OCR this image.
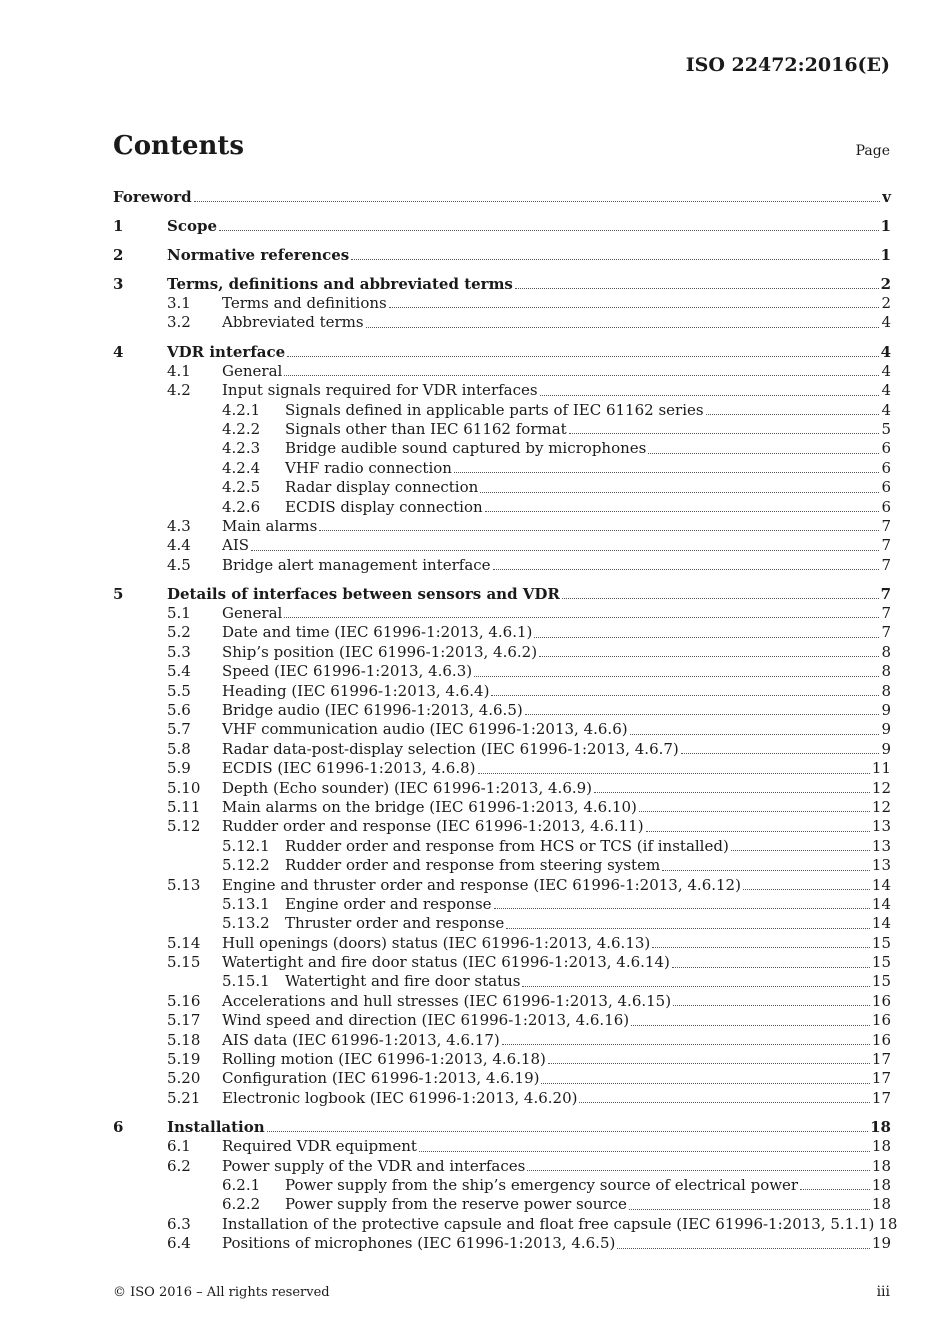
ISO 22472:2016(E)
Contents	Page
Foreword	v
1	Scope	1
2	Normative references	1
3	Terms, definitions and abbreviated terms	2
3.1	Terms and definitions	2
3.2	Abbreviated terms	4
4	VDR interface	4
4.1	General	4
4.2	Input signals required for VDR interfaces	4
4.2.1	Signals defined in applicable parts of IEC 61162 series	4
4.2.2	Signals other than IEC 61162 format	5
4.2.3	Bridge audible sound captured by microphones	6
4.2.4	VHF radio connection	6
4.2.5	Radar display connection	6
4.2.6	ECDIS display connection	6
4.3	Main alarms	7
4.4	AIS	7
4.5	Bridge alert management interface	7
5	Details of interfaces between sensors and VDR	7
5.1	General	7
5.2	Date and time (IEC 61996-1:2013, 4.6.1)	7
5.3	Ship’s position (IEC 61996-1:2013, 4.6.2)	8
5.4	Speed (IEC 61996-1:2013, 4.6.3)	8
5.5	Heading (IEC 61996-1:2013, 4.6.4)	8
5.6	Bridge audio (IEC 61996-1:2013, 4.6.5)	9
5.7	VHF communication audio (IEC 61996-1:2013, 4.6.6)	9
5.8	Radar data-post-display selection (IEC 61996-1:2013, 4.6.7)	9
5.9	ECDIS (IEC 61996-1:2013, 4.6.8)	11
5.10	Depth (Echo sounder) (IEC 61996-1:2013, 4.6.9)	12
5.11	Main alarms on the bridge (IEC 61996-1:2013, 4.6.10)	12
5.12	Rudder order and response (IEC 61996-1:2013, 4.6.11)	13
5.12.1	Rudder order and response from HCS or TCS (if installed)	13
5.12.2	Rudder order and response from steering system	13
5.13	Engine and thruster order and response (IEC 61996-1:2013, 4.6.12)	14
5.13.1	Engine order and response	14
5.13.2	Thruster order and response	14
5.14	Hull openings (doors) status (IEC 61996-1:2013, 4.6.13)	15
5.15	Watertight and fire door status (IEC 61996-1:2013, 4.6.14)	15
5.15.1	Watertight and fire door status	15
5.16	Accelerations and hull stresses (IEC 61996-1:2013, 4.6.15)	16
5.17	Wind speed and direction (IEC 61996-1:2013, 4.6.16)	16
5.18	AIS data (IEC 61996-1:2013, 4.6.17)	16
5.19	Rolling motion (IEC 61996-1:2013, 4.6.18)	17
5.20	Configuration (IEC 61996-1:2013, 4.6.19)	17
5.21	Electronic logbook (IEC 61996-1:2013, 4.6.20)	17
6	Installation	18
6.1	Required VDR equipment	18
6.2	Power supply of the VDR and interfaces	18
6.2.1	Power supply from the ship’s emergency source of electrical power	18
6.2.2	Power supply from the reserve power source	18
6.3	Installation of the protective capsule and float free capsule (IEC 61996-1:2013, 5.1.1) 18
6.4	Positions of microphones (IEC 61996-1:2013, 4.6.5)	19
© ISO 2016 – All rights reserved	iii
